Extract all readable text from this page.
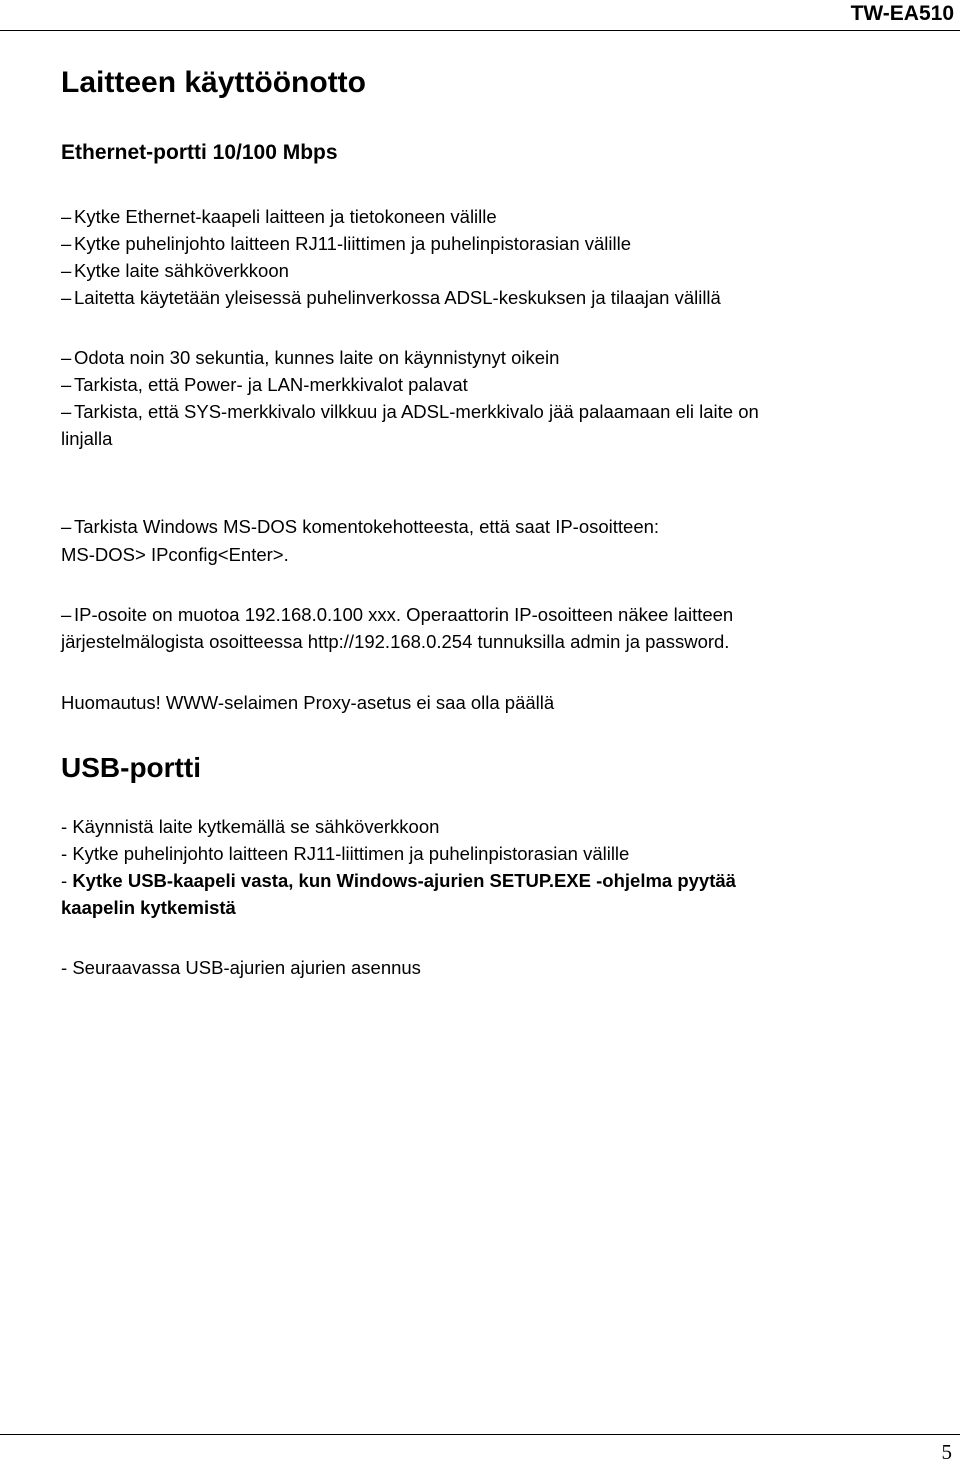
TW-EA510
Laitteen käyttöönotto
Ethernet-portti 10/100 Mbps
– Kytke Ethernet-kaapeli laitteen ja tietokoneen välille
– Kytke puhelinjohto laitteen RJ11-liittimen ja puhelinpistorasian välille
– Kytke laite sähköverkkoon
– Laitetta käytetään yleisessä puhelinverkossa ADSL-keskuksen ja tilaajan välillä
– Odota noin 30 sekuntia, kunnes laite on käynnistynyt oikein
– Tarkista, että Power- ja LAN-merkkivalot palavat
– Tarkista, että SYS-merkkivalo vilkkuu ja ADSL-merkkivalo jää palaamaan eli laite on
linjalla
– Tarkista Windows MS-DOS komentokehotteesta, että saat IP-osoitteen:
MS-DOS> IPconfig<Enter>.
– IP-osoite on muotoa 192.168.0.100 xxx. Operaattorin IP-osoitteen näkee laitteen
järjestelmälogista osoitteessa http://192.168.0.254 tunnuksilla admin ja password.
Huomautus! WWW-selaimen Proxy-asetus ei saa olla päällä
USB-portti
- Käynnistä laite kytkemällä se sähköverkkoon
- Kytke puhelinjohto laitteen RJ11-liittimen ja puhelinpistorasian välille
- Kytke USB-kaapeli vasta, kun Windows-ajurien SETUP.EXE -ohjelma pyytää
kaapelin kytkemistä
- Seuraavassa USB-ajurien ajurien asennus
5
